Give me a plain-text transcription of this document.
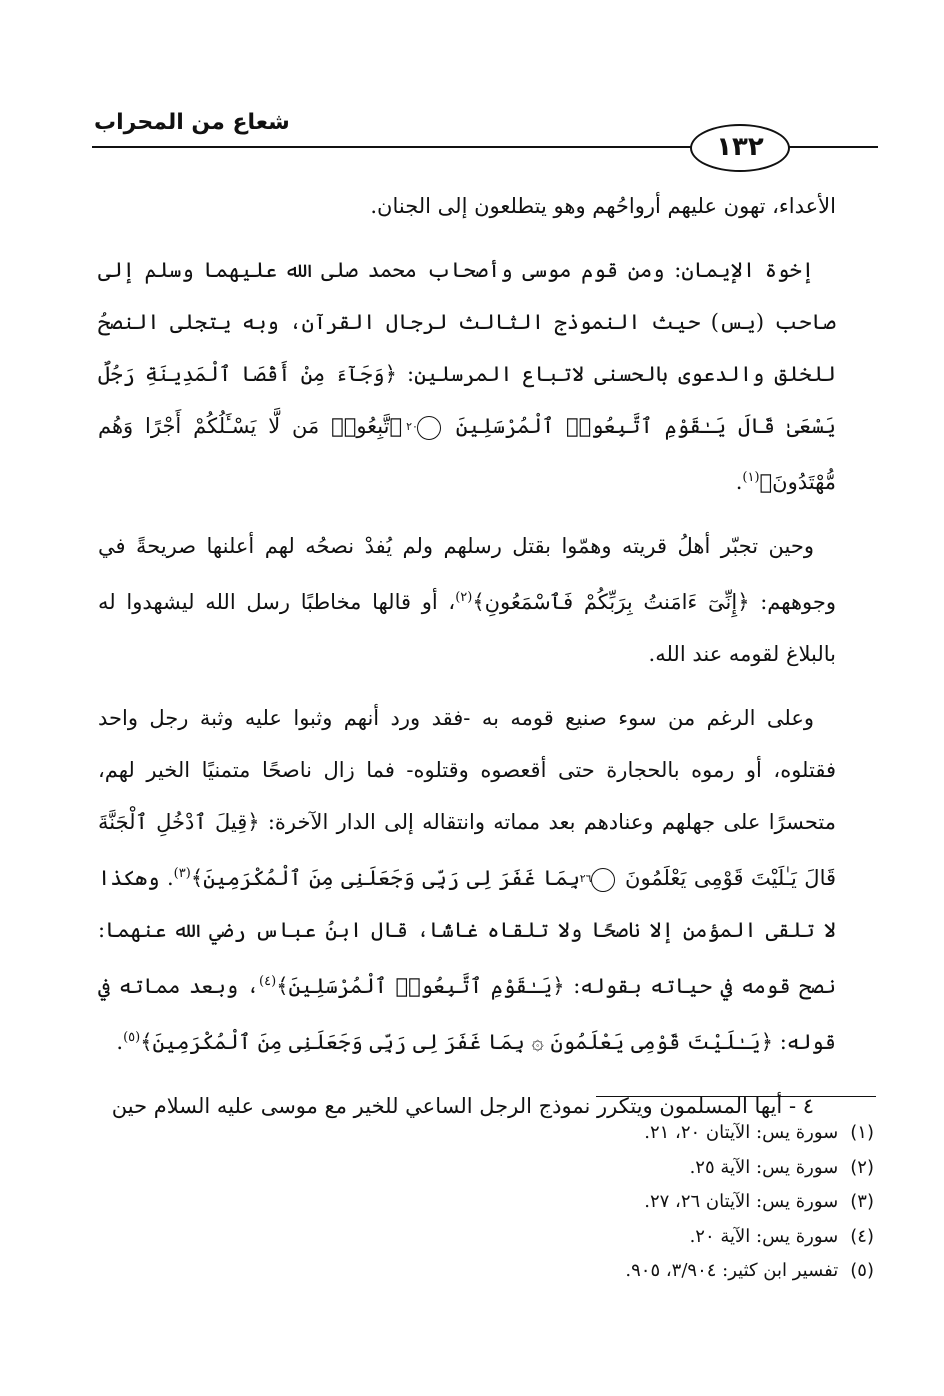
شعاع من المحراب
١٣٢

الأعداء، تهون عليهم أرواحُهم وهو يتطلعون إلى الجنان.

إخوة الإيمان: ومن قوم موسى وأصحاب محمد صلى الله عليهما وسلم إلى صاحب (يس) حيث النموذج الثالث لرجال القرآن، وبه يتجلى النصحُ للخلق والدعوى بالحسنى لاتباع المرسلين: ﴿وَجَآءَ مِنْ أَقْصَا ٱلْمَدِينَةِ رَجُلٌ يَسْعَىٰ قَالَ يَـٰقَوْمِ ٱتَّبِعُوا۟ ٱلْمُرْسَلِينَ ٢٠ ٱتَّبِعُوا۟ مَن لَّا يَسْـَٔلُكُمْ أَجْرًا وَهُم مُّهْتَدُونَ﴾$^{(١)}$.

وحين تجبّر أهلُ قريته وهمّوا بقتل رسلهم ولم يُفدْ نصحُه لهم أعلنها صريحةً في وجوههم: ﴿إِنِّىٓ ءَامَنتُ بِرَبِّكُمْ فَٱسْمَعُونِ﴾$^{(٢)}$، أو قالها مخاطبًا رسل الله ليشهدوا له بالبلاغ لقومه عند الله.

وعلى الرغم من سوء صنيع قومه به -فقد ورد أنهم وثبوا عليه وثبة رجل واحد فقتلوه، أو رموه بالحجارة حتى أقعصوه وقتلوه- فما زال ناصحًا متمنيًا الخير لهم، متحسرًا على جهلهم وعنادهم بعد مماته وانتقاله إلى الدار الآخرة: ﴿قِيلَ ٱدْخُلِ ٱلْجَنَّةَ قَالَ يَـٰلَيْتَ قَوْمِى يَعْلَمُونَ ٢٦ بِمَا غَفَرَ لِى رَبِّى وَجَعَلَنِى مِنَ ٱلْمُكْرَمِينَ﴾$^{(٣)}$. وهكذا لا تلقى المؤمن إلا ناصحًا ولا تلقاه غاشًا، قال ابنُ عباس رضي الله عنهما: نصح قومه في حياته بقوله: ﴿يَـٰقَوْمِ ٱتَّبِعُوا۟ ٱلْمُرْسَلِينَ﴾$^{(٤)}$، وبعد مماته في قوله: ﴿يَـٰلَيْتَ قَوْمِى يَعْلَمُونَ ۞ بِمَا غَفَرَ لِى رَبِّى وَجَعَلَنِى مِنَ ٱلْمُكْرَمِينَ﴾$^{(٥)}$.

٤ - أيها المسلمون ويتكرر نموذج الرجل الساعي للخير مع موسى عليه السلام حين

(١)
سورة يس: الآيتان ٢٠، ٢١.
(٢)
سورة يس: الآية ٢٥.
(٣)
سورة يس: الآيتان ٢٦، ٢٧.
(٤)
سورة يس: الآية ٢٠.
(٥)
تفسير ابن كثير: ٣/٩٠٤، ٩٠٥.
